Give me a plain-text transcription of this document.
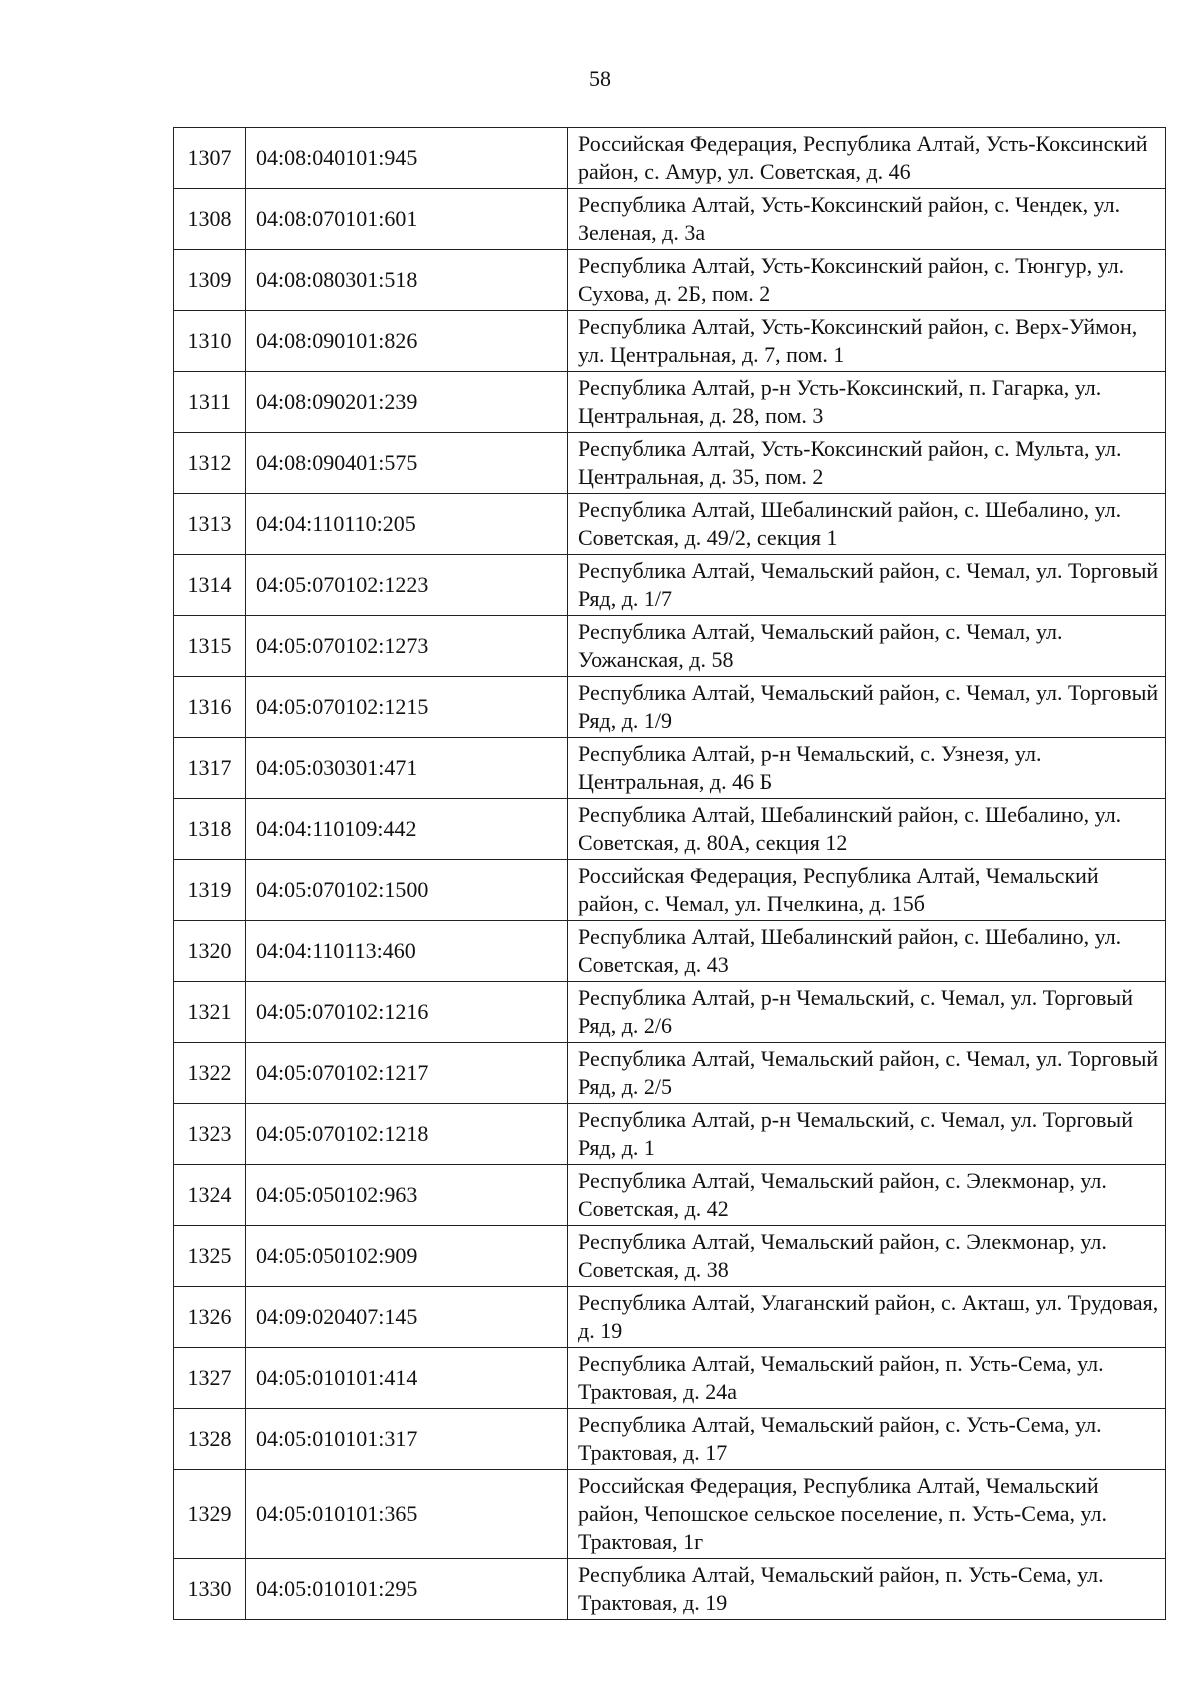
58
1307	04:08:040101:945	Российская Федерация, Республика Алтай, Усть-Коксинский район, с. Амур, ул. Советская, д. 46
1308	04:08:070101:601	Республика Алтай, Усть-Коксинский район, с. Чендек, ул. Зеленая, д. 3а
1309	04:08:080301:518	Республика Алтай, Усть-Коксинский район, с. Тюнгур, ул. Сухова, д. 2Б, пом. 2
1310	04:08:090101:826	Республика Алтай, Усть-Коксинский район, с. Верх-Уймон, ул. Центральная, д. 7, пом. 1
1311	04:08:090201:239	Республика Алтай, р-н Усть-Коксинский, п. Гагарка, ул. Центральная, д. 28, пом. 3
1312	04:08:090401:575	Республика Алтай, Усть-Коксинский район, с. Мульта, ул. Центральная, д. 35, пом. 2
1313	04:04:110110:205	Республика Алтай, Шебалинский район, с. Шебалино, ул. Советская, д. 49/2, секция 1
1314	04:05:070102:1223	Республика Алтай, Чемальский район, с. Чемал, ул. Торговый Ряд, д. 1/7
1315	04:05:070102:1273	Республика Алтай, Чемальский район, с. Чемал, ул. Уожанская, д. 58
1316	04:05:070102:1215	Республика Алтай, Чемальский район, с. Чемал, ул. Торговый Ряд, д. 1/9
1317	04:05:030301:471	Республика Алтай, р-н Чемальский, с. Узнезя, ул. Центральная, д. 46 Б
1318	04:04:110109:442	Республика Алтай, Шебалинский район, с. Шебалино, ул. Советская, д. 80А, секция 12
1319	04:05:070102:1500	Российская Федерация, Республика Алтай, Чемальский район, с. Чемал, ул. Пчелкина, д. 15б
1320	04:04:110113:460	Республика Алтай, Шебалинский район, с. Шебалино, ул. Советская, д. 43
1321	04:05:070102:1216	Республика Алтай, р-н Чемальский, с. Чемал, ул. Торговый Ряд, д. 2/6
1322	04:05:070102:1217	Республика Алтай, Чемальский район, с. Чемал, ул. Торговый Ряд, д. 2/5
1323	04:05:070102:1218	Республика Алтай, р-н Чемальский, с. Чемал, ул. Торговый Ряд, д. 1
1324	04:05:050102:963	Республика Алтай, Чемальский район, с. Элекмонар, ул. Советская, д. 42
1325	04:05:050102:909	Республика Алтай, Чемальский район, с. Элекмонар, ул. Советская, д. 38
1326	04:09:020407:145	Республика Алтай, Улаганский район, с. Акташ, ул. Трудовая, д. 19
1327	04:05:010101:414	Республика Алтай, Чемальский район, п. Усть-Сема, ул. Трактовая, д. 24а
1328	04:05:010101:317	Республика Алтай, Чемальский район, с. Усть-Сема, ул. Трактовая, д. 17
1329	04:05:010101:365	Российская Федерация, Республика Алтай, Чемальский район, Чепошское сельское поселение, п. Усть-Сема, ул. Трактовая, 1г
1330	04:05:010101:295	Республика Алтай, Чемальский район, п. Усть-Сема, ул. Трактовая, д. 19
